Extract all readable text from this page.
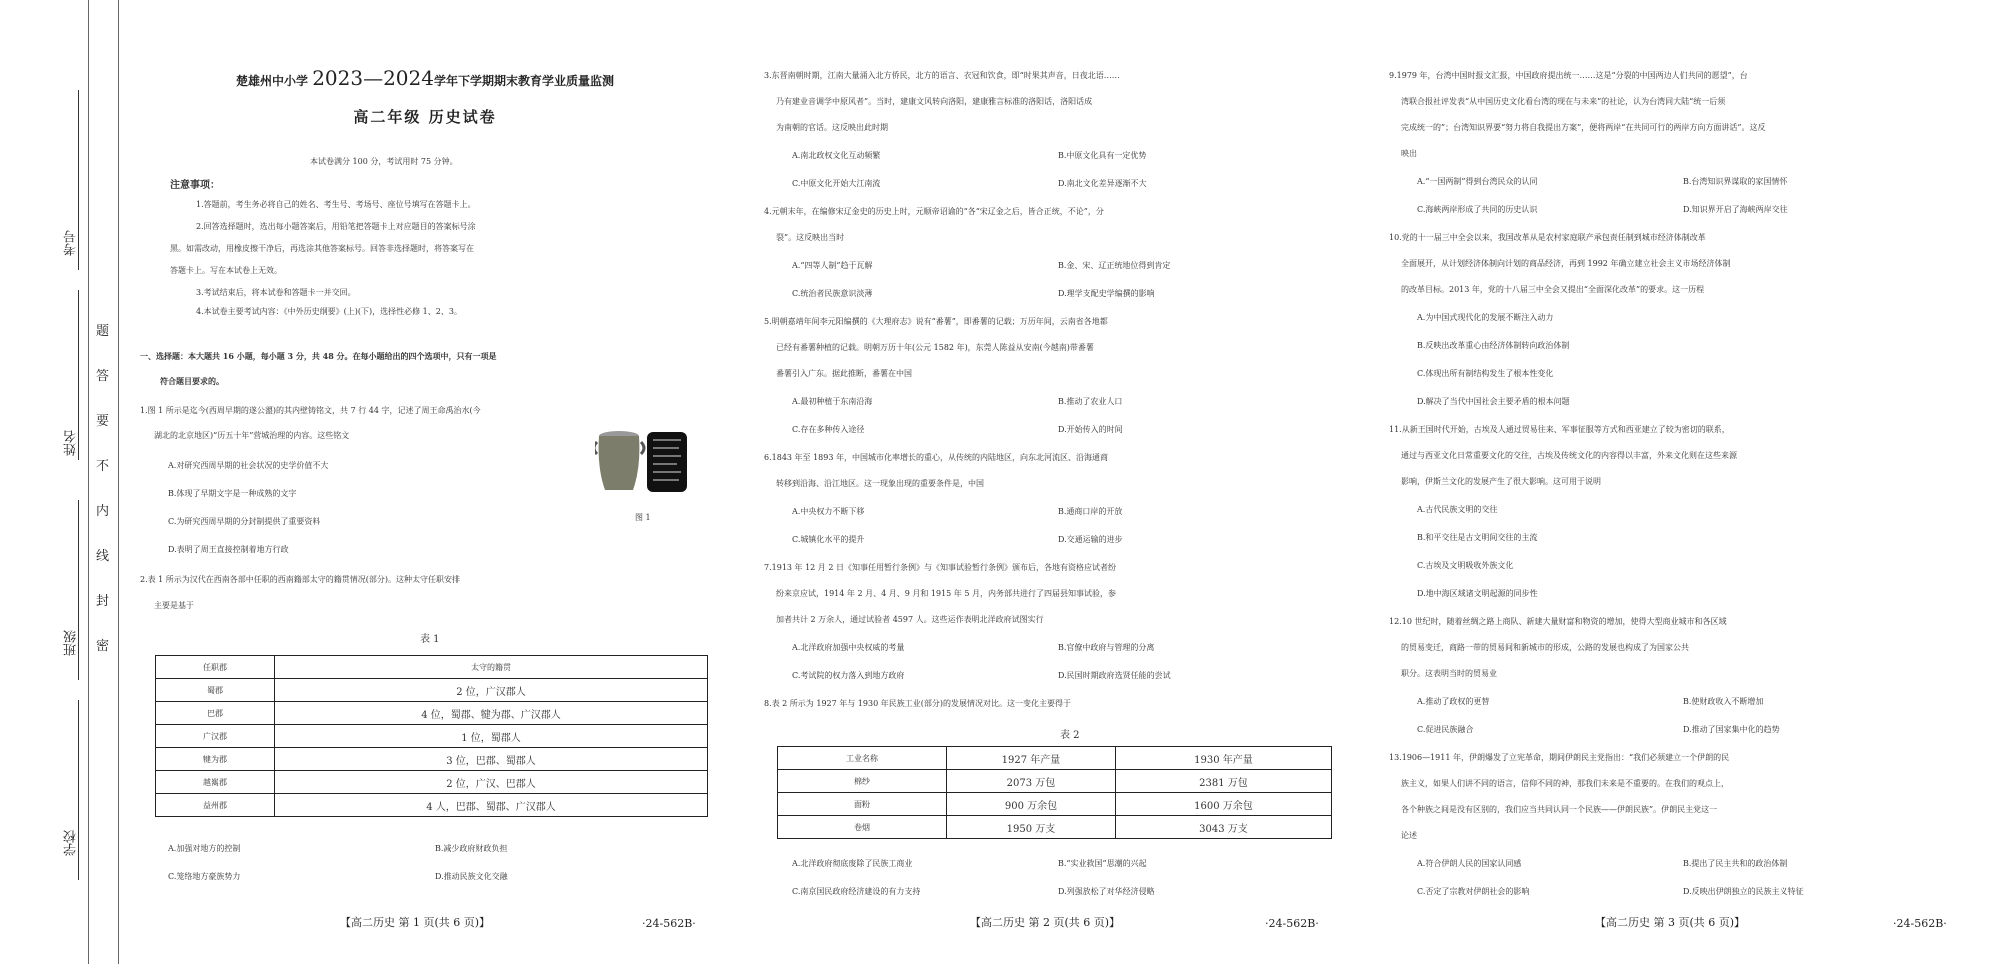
考号
姓名
班级
学校
题
答
要
不
内
线
封
密
楚雄州中小学 2023—2024学年下学期期末教育学业质量监测
高二年级 历史试卷
本试卷满分 100 分，考试用时 75 分钟。
注意事项：
1.答题前，考生务必将自己的姓名、考生号、考场号、座位号填写在答题卡上。
2.回答选择题时，选出每小题答案后，用铅笔把答题卡上对应题目的答案标号涂
黑。如需改动，用橡皮擦干净后，再选涂其他答案标号。回答非选择题时，将答案写在
答题卡上。写在本试卷上无效。
3.考试结束后，将本试卷和答题卡一并交回。
4.本试卷主要考试内容：《中外历史纲要》(上)(下)，选择性必修 1、2、3。
一、选择题：本大题共 16 小题，每小题 3 分，共 48 分。在每小题给出的四个选项中，只有一项是
符合题目要求的。
1.图 1 所示是迄今(西周早期的遂公盨)的其内壁铸铭文，共 7 行 44 字，记述了周王命禹治水(今
湖北的北京地区)“历五十年”营城治理的内容。这些铭文
A.对研究西周早期的社会状况的史学价值不大
B.体现了早期文字是一种成熟的文字
C.为研究西周早期的分封制提供了重要资料
D.表明了周王直接控制着地方行政
图 1
2.表 1 所示为汉代在西南各部中任职的西南籍部太守的籍贯情况(部分)。这种太守任职安排
主要是基于
表 1
任职郡	太守的籍贯
蜀郡	2 位，广汉郡人
巴郡	4 位，蜀郡、犍为郡、广汉郡人
广汉郡	1 位，蜀郡人
犍为郡	3 位，巴郡、蜀郡人
越嶲郡	2 位，广汉、巴郡人
益州郡	4 人，巴郡、蜀郡、广汉郡人
A.加强对地方的控制	B.减少政府财政负担
C.笼络地方豪族势力	D.推动民族文化交融
【高二历史 第 1 页(共 6 页)】	·24-562B·
3.东晋南朝时期，江南大量涌入北方侨民，北方的语言、衣冠和饮食，即“时果其声音，日夜北语……
乃有建业音调学中原风者”。当时，建康文风转向洛阳，建康雅言标准的洛阳话，洛阳话成
为南朝的官话。这反映出此时期
A.南北政权文化互动频繁	B.中原文化具有一定优势
C.中原文化开始大江南流	D.南北文化差异逐渐不大
4.元朝末年，在编修宋辽金史的历史上时，元顺帝诏谕的“各“宋辽金之后，皆合正统，不论”，分
裂”。这反映出当时
A.“四等人制”趋于瓦解	B.金、宋、辽正统地位得到肯定
C.统治者民族意识淡薄	D.理学支配史学编撰的影响
5.明朝嘉靖年间李元阳编撰的《大理府志》说有“番薯”，即番薯的记载；万历年间，云南省各地都
已经有番薯种植的记载。明朝万历十年(公元 1582 年)，东莞人陈益从安南(今越南)带番薯
番薯引入广东。据此推断，番薯在中国
A.最初种植于东南沿海	B.推动了农业人口
C.存在多种传入途径	D.开始传入的时间
6.1843 年至 1893 年，中国城市化率增长的重心，从传统的内陆地区，向东北河流区、沿海通商
转移到沿海、沿江地区。这一现象出现的重要条件是，中国
A.中央权力不断下移	B.通商口岸的开放
C.城镇化水平的提升	D.交通运输的进步
7.1913 年 12 月 2 日《知事任用暂行条例》与《知事试验暂行条例》颁布后，各地有资格应试者纷
纷来京应试，1914 年 2 月、4 月、9 月和 1915 年 5 月，内务部共进行了四届县知事试验，参
加者共计 2 万余人，通过试验者 4597 人。这些运作表明北洋政府试图实行
A.北洋政府加强中央权威的考量	B.官僚中政府与管理的分离
C.考试院的权力落入到地方政府	D.民国时期政府选贤任能的尝试
8.表 2 所示为 1927 年与 1930 年民族工业(部分)的发展情况对比。这一变化主要得于
表 2
工业名称	1927 年产量	1930 年产量
棉纱	2073 万包	2381 万包
面粉	900 万余包	1600 万余包
卷烟	1950 万支	3043 万支
A.北洋政府彻底废除了民族工商业	B.“实业救国”思潮的兴起
C.南京国民政府经济建设的有力支持	D.列强放松了对华经济侵略
【高二历史 第 2 页(共 6 页)】	·24-562B·
9.1979 年，台湾中国时报文汇报，中国政府提出统一……这是“分裂的中国两边人们共同的愿望”，台
湾联合报社评发表“从中国历史文化看台湾的现在与未来”的社论，认为台湾同大陆“统一后须
完成统一的”；台湾知识界要“努力将自我提出方案”，便将两岸“在共同可行的两岸方向方面讲话”。这反
映出
A.“一国两制”得到台湾民众的认同	B.台湾知识界谋取的家国情怀
C.海峡两岸形成了共同的历史认识	D.知识界开启了海峡两岸交往
10.党的十一届三中全会以来，我国改革从是农村家庭联产承包责任制到城市经济体制改革
全面展开，从计划经济体制向计划的商品经济，再到 1992 年确立建立社会主义市场经济体制
的改革目标。2013 年，党的十八届三中全会又提出“全面深化改革”的要求。这一历程
A.为中国式现代化的发展不断注入动力
B.反映出改革重心由经济体制转向政治体制
C.体现出所有制结构发生了根本性变化
D.解决了当代中国社会主要矛盾的根本问题
11.从新王国时代开始，古埃及人通过贸易往来、军事征服等方式和西亚建立了较为密切的联系，
通过与西亚文化日常重要文化的交往，古埃及传统文化的内容得以丰富，外来文化则在这些来源
影响，伊斯兰文化的发展产生了很大影响。这可用于说明
A.古代民族文明的交往
B.和平交往是古文明间交往的主流
C.古埃及文明吸收外族文化
D.地中海区域诸文明起源的同步性
12.10 世纪时，随着丝绸之路上商队、新建大量财富和物资的增加，使得大型商业城市和各区域
的贸易变迁，商路一带的贸易间和新城市的形成，公路的发展也构成了为国家公共
职分。这表明当时的贸易业
A.推动了政权的更替	B.使财政收入不断增加
C.促进民族融合	D.推动了国家集中化的趋势
13.1906—1911 年，伊朗爆发了立宪革命，期间伊朗民主党指出：“我们必须建立一个伊朗的民
族主义，如果人们讲不同的语言，信仰不同的神，那我们未来是不重要的。在我们的观点上，
各个种族之间是没有区别的，我们应当共同认同一个民族——伊朗民族”。伊朗民主党这一
论述
A.符合伊朗人民的国家认同感	B.提出了民主共和的政治体制
C.否定了宗教对伊朗社会的影响	D.反映出伊朗独立的民族主义特征
【高二历史 第 3 页(共 6 页)】	·24-562B·
